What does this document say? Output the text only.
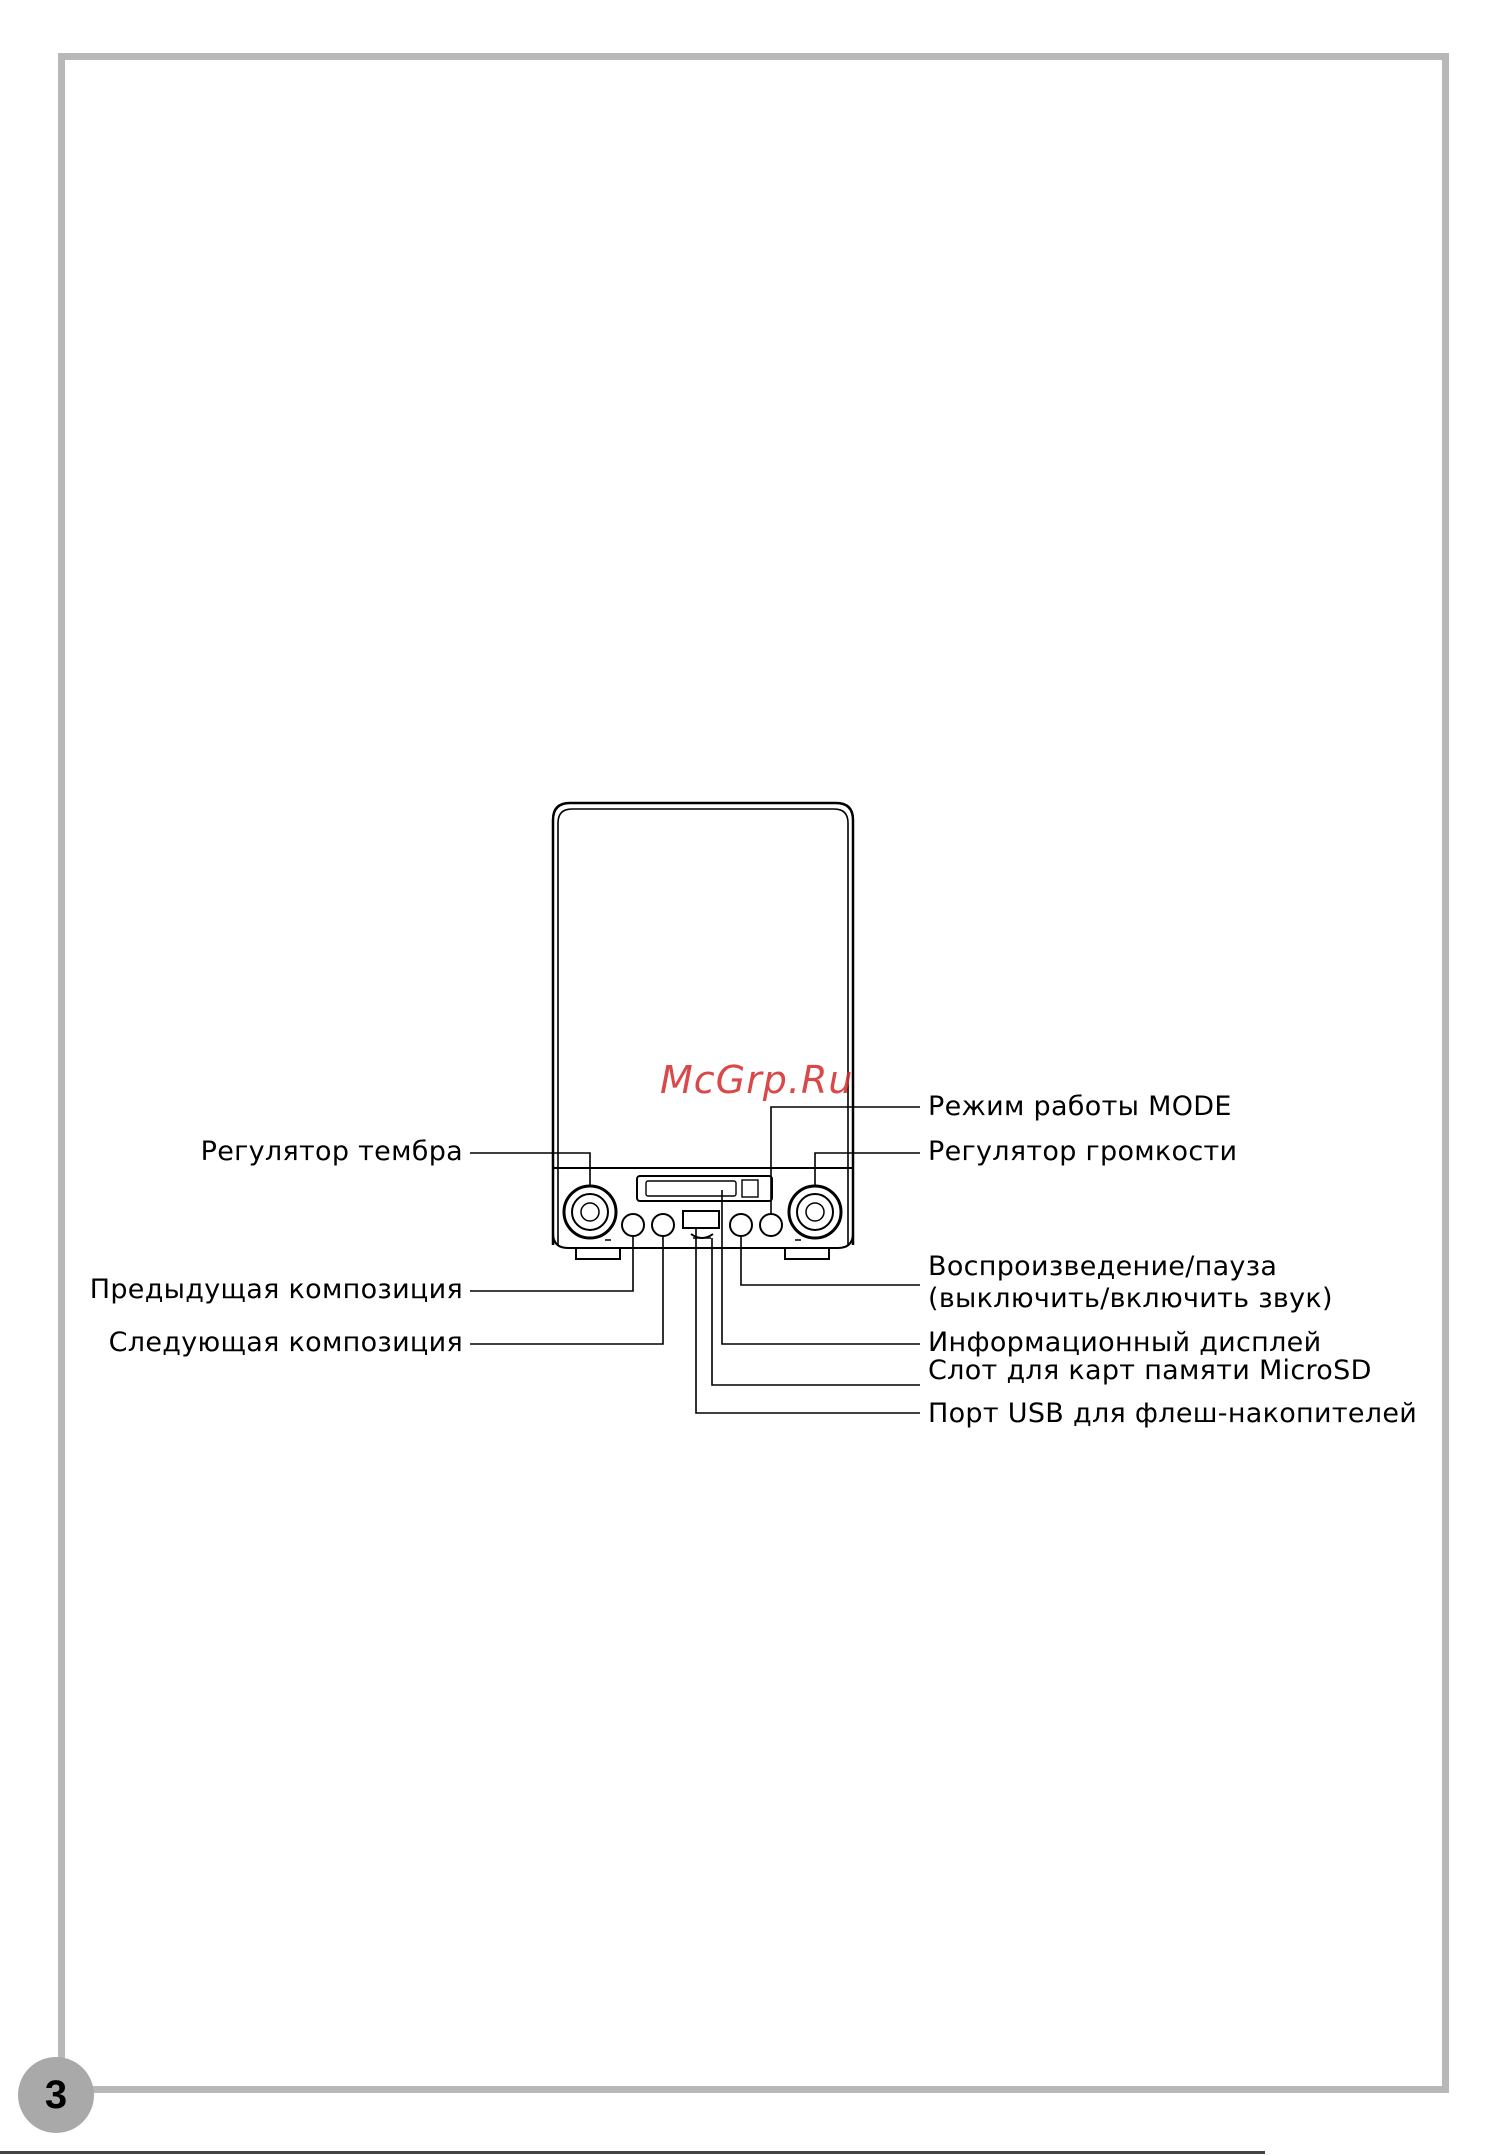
McGrp.Ru
Регулятор тембра
Предыдущая композиция
Следующая композиция
Режим работы MODE
Регулятор громкости
Воспроизведение/пауза
(выключить/включить звук)
Информационный дисплей
Слот для карт памяти MicroSD
Порт USB для флеш-накопителей
3
